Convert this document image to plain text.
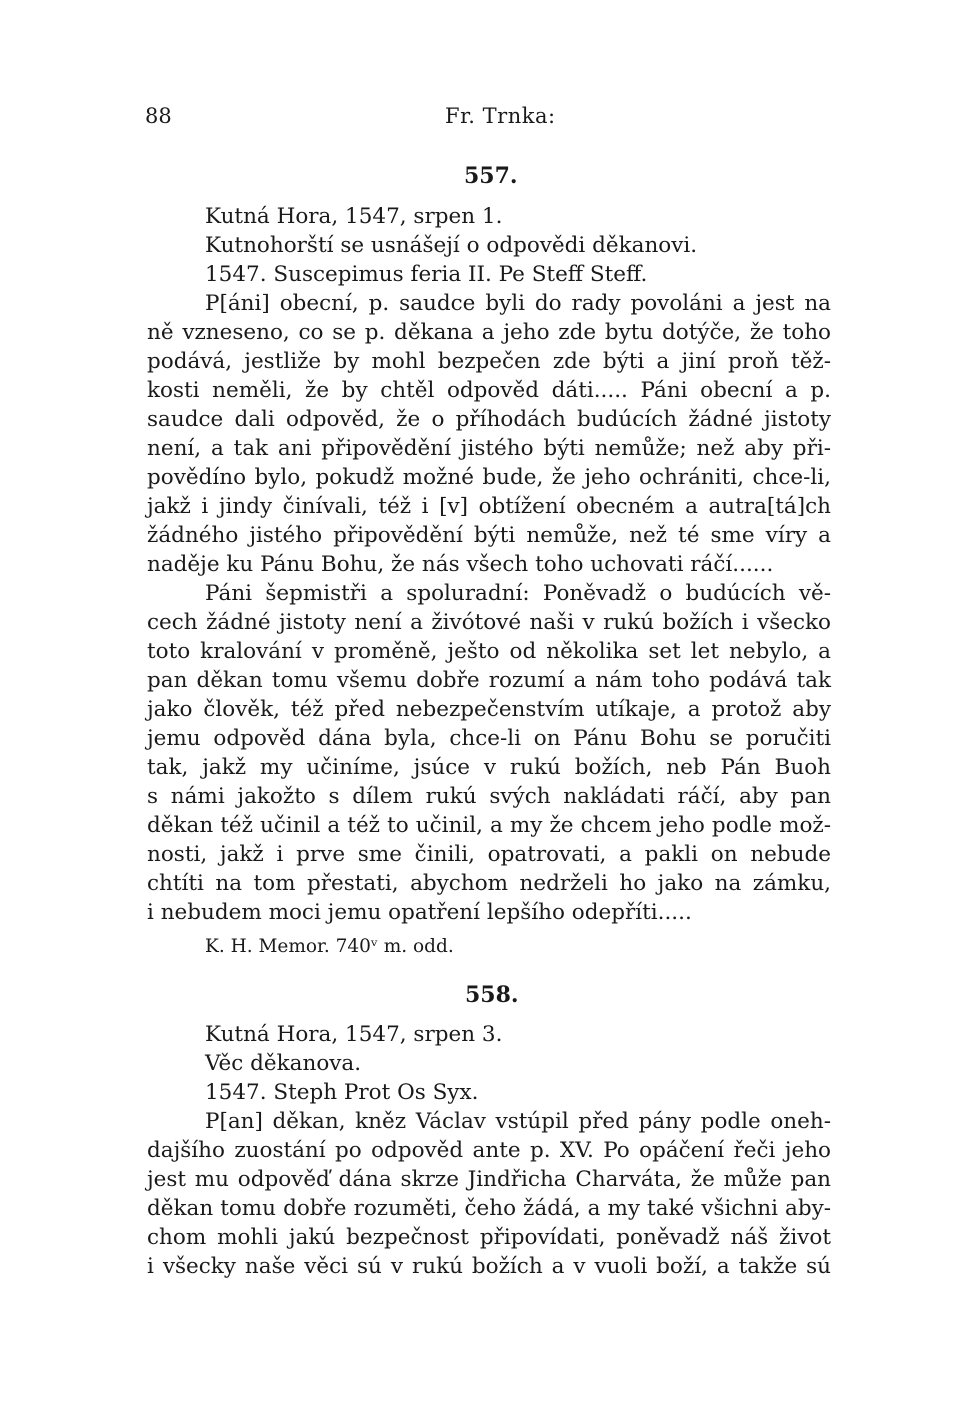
88	Fr. Trnka:
557.
Kutná Hora, 1547, srpen 1.
Kutnohorští se usnášejí o odpovědi děkanovi.
1547. Suscepimus feria II. Pe Steff Steff.
P[áni] obecní, p. saudce byli do rady povoláni a jest na
ně vzneseno, co se p. děkana a jeho zde bytu dotýče, že toho
podává, jestliže by mohl bezpečen zde býti a jiní proň těž-
kosti neměli, že by chtěl odpověd dáti..... Páni obecní a p.
saudce dali odpověd, že o příhodách budúcích žádné jistoty
není, a tak ani připovědění jistého býti nemůže; než aby při-
povědíno bylo, pokudž možné bude, že jeho ochrániti, chce-li,
jakž i jindy činívali, též i [v] obtížení obecném a autra[tá]ch
žádného jistého připovědění býti nemůže, než té sme víry a
naděje ku Pánu Bohu, že nás všech toho uchovati ráčí......
Páni šepmistři a spoluradní: Poněvadž o budúcích vě-
cech žádné jistoty není a živótové naši v rukú božích i všecko
toto kralování v proměně, ješto od několika set let nebylo, a
pan děkan tomu všemu dobře rozumí a nám toho podává tak
jako člověk, též před nebezpečenstvím utíkaje, a protož aby
jemu odpověd dána byla, chce-li on Pánu Bohu se poručiti
tak, jakž my učiníme, jsúce v rukú božích, neb Pán Buoh
s námi jakožto s dílem rukú svých nakládati ráčí, aby pan
děkan též učinil a též to učinil, a my že chcem jeho podle mož-
nosti, jakž i prve sme činili, opatrovati, a pakli on nebude
chtíti na tom přestati, abychom nedrželi ho jako na zámku,
i nebudem moci jemu opatření lepšího odepříti.....
K. H. Memor. 740ᵛ m. odd.
558.
Kutná Hora, 1547, srpen 3.
Věc děkanova.
1547. Steph Prot Os Syx.
P[an] děkan, kněz Václav vstúpil před pány podle oneh-
dajšího zuostání po odpověd ante p. XV. Po opáčení řeči jeho
jest mu odpověď dána skrze Jindřicha Charváta, že může pan
děkan tomu dobře rozuměti, čeho žádá, a my také všichni aby-
chom mohli jakú bezpečnost připovídati, poněvadž náš život
i všecky naše věci sú v rukú božích a v vuoli boží, a takže sú
